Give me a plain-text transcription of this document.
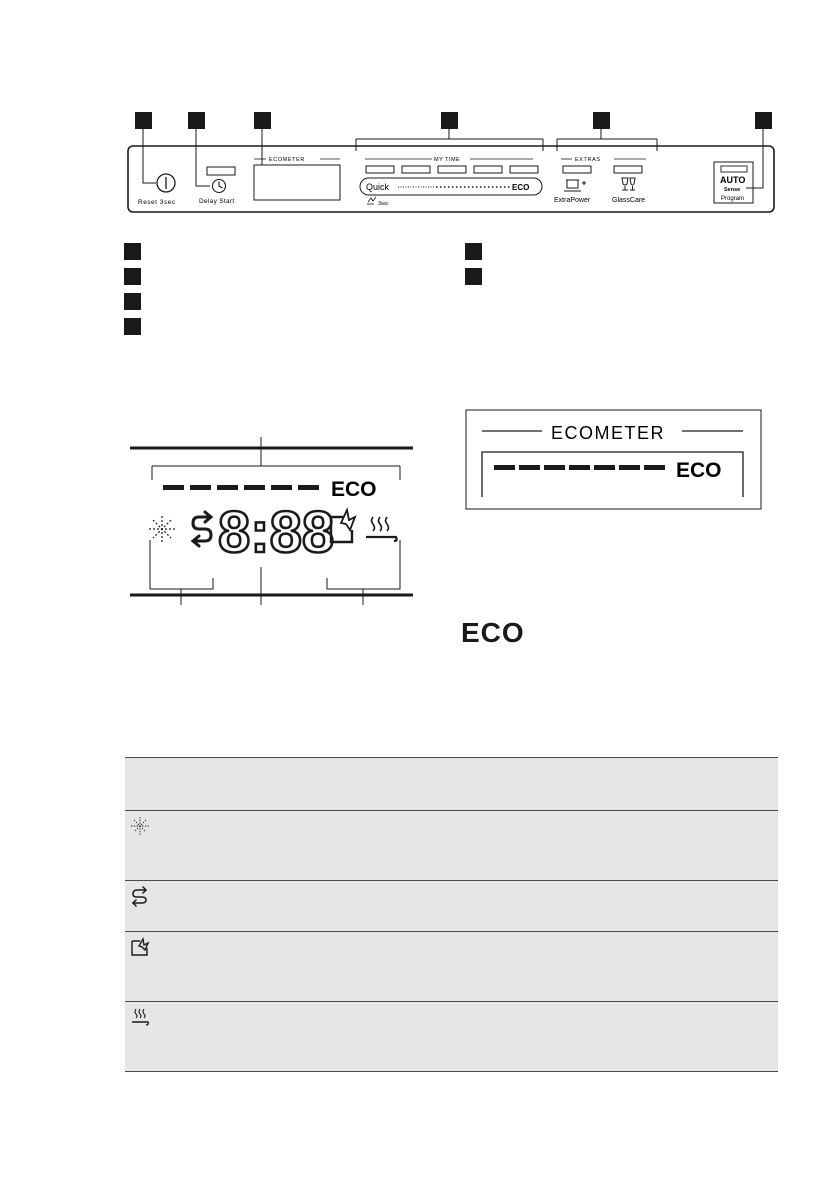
Reset 3sec	Delay Start
ECOMETER	MY TIME
Quick	ECO
3sec
EXTRAS
ExtraPower	GlassCare
AUTO
Sense
Program
ECO
8:88
ECOMETER
ECO
ECO
